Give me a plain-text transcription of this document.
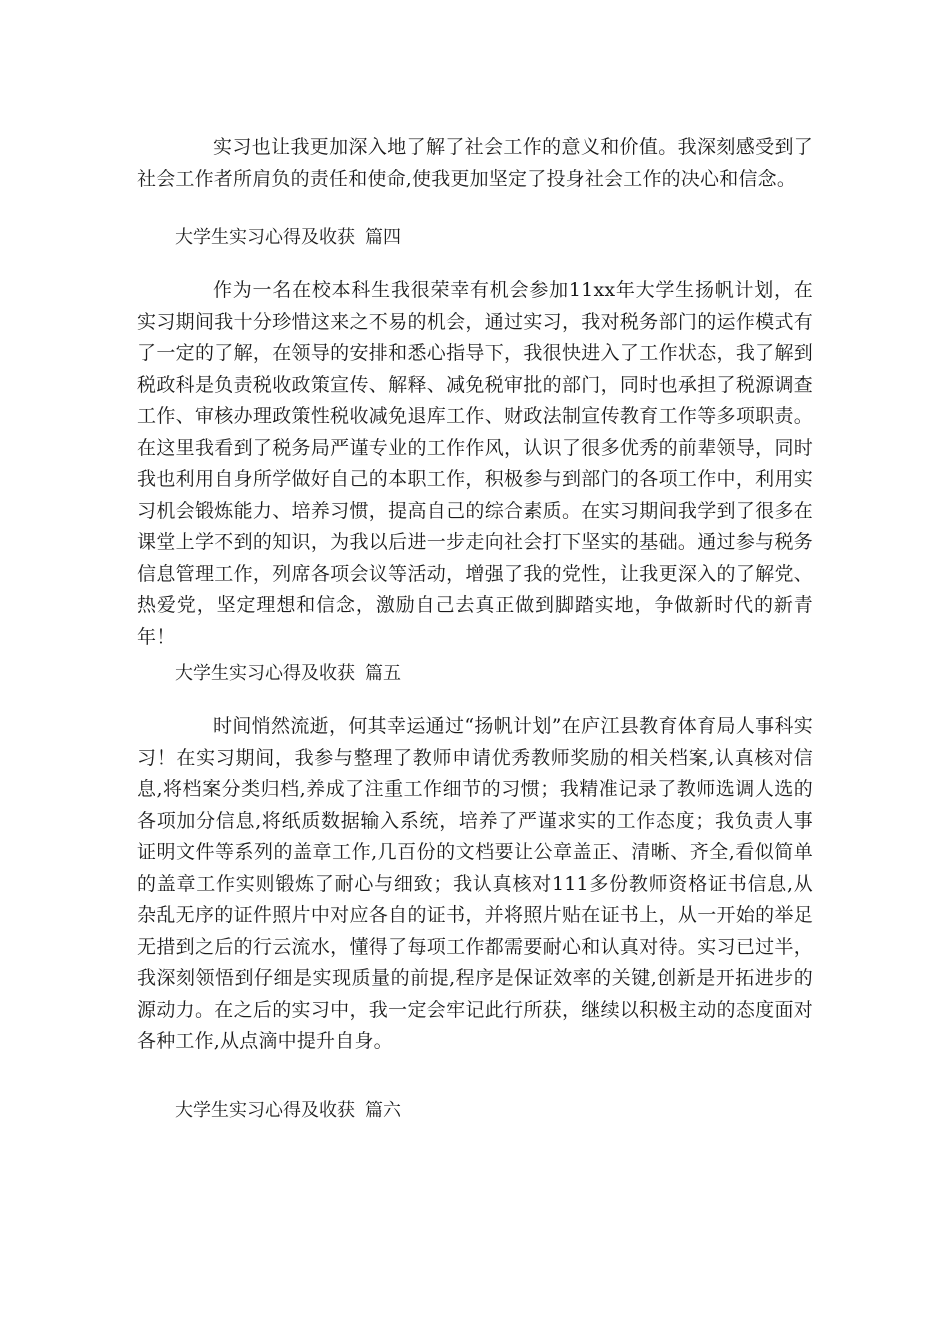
实习也让我更加深入地了解了社会工作的意义和价值。我深刻感受到了社会工作者所肩负的责任和使命,使我更加坚定了投身社会工作的决心和信念。

大学生实习心得及收获 篇四

作为一名在校本科生我很荣幸有机会参加11xx年大学生扬帆计划，在实习期间我十分珍惜这来之不易的机会，通过实习，我对税务部门的运作模式有了一定的了解，在领导的安排和悉心指导下，我很快进入了工作状态，我了解到税政科是负责税收政策宣传、解释、减免税审批的部门，同时也承担了税源调查工作、审核办理政策性税收减免退库工作、财政法制宣传教育工作等多项职责。在这里我看到了税务局严谨专业的工作作风，认识了很多优秀的前辈领导，同时我也利用自身所学做好自己的本职工作，积极参与到部门的各项工作中，利用实习机会锻炼能力、培养习惯，提高自己的综合素质。在实习期间我学到了很多在课堂上学不到的知识，为我以后进一步走向社会打下坚实的基础。通过参与税务信息管理工作，列席各项会议等活动，增强了我的党性，让我更深入的了解党、热爱党，坚定理想和信念，激励自己去真正做到脚踏实地，争做新时代的新青年！

大学生实习心得及收获 篇五

时间悄然流逝，何其幸运通过“扬帆计划”在庐江县教育体育局人事科实习！在实习期间，我参与整理了教师申请优秀教师奖励的相关档案,认真核对信息,将档案分类归档,养成了注重工作细节的习惯；我精准记录了教师选调人选的各项加分信息,将纸质数据输入系统，培养了严谨求实的工作态度；我负责人事证明文件等系列的盖章工作,几百份的文档要让公章盖正、清晰、齐全,看似简单的盖章工作实则锻炼了耐心与细致；我认真核对111多份教师资格证书信息,从杂乱无序的证件照片中对应各自的证书，并将照片贴在证书上，从一开始的举足无措到之后的行云流水，懂得了每项工作都需要耐心和认真对待。实习已过半，我深刻领悟到仔细是实现质量的前提,程序是保证效率的关键,创新是开拓进步的源动力。在之后的实习中，我一定会牢记此行所获，继续以积极主动的态度面对各种工作,从点滴中提升自身。

大学生实习心得及收获 篇六
